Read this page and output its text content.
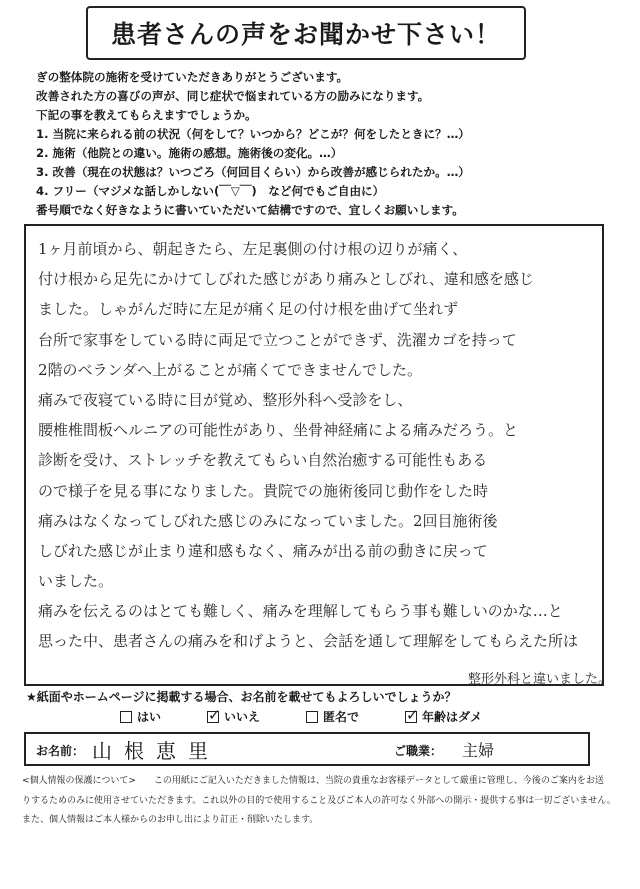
患者さんの声をお聞かせ下さい！
ぎの整体院の施術を受けていただきありがとうございます。
改善された方の喜びの声が、同じ症状で悩まれている方の励みになります。
下記の事を教えてもらえますでしょうか。
1. 当院に来られる前の状況（何をして？いつから？どこが？何をしたときに？…）
2. 施術（他院との違い。施術の感想。施術後の変化。…）
3. 改善（現在の状態は？いつごろ（何回目くらい）から改善が感じられたか。…）
4. フリー（マジメな話しかしない(￣▽￣)　など何でもご自由に）
番号順でなく好きなように書いていただいて結構ですので、宜しくお願いします。
1ヶ月前頃から、朝起きたら、左足裏側の付け根の辺りが痛く、
付け根から足先にかけてしびれた感じがあり痛みとしびれ、違和感を感じ
ました。しゃがんだ時に左足が痛く足の付け根を曲げて坐れず
台所で家事をしている時に両足で立つことができず、洗濯カゴを持って
2階のベランダへ上がることが痛くてできませんでした。
痛みで夜寝ている時に目が覚め、整形外科へ受診をし、
腰椎椎間板ヘルニアの可能性があり、坐骨神経痛による痛みだろう。と
診断を受け、ストレッチを教えてもらい自然治癒する可能性もある
ので様子を見る事になりました。貴院での施術後同じ動作をした時
痛みはなくなってしびれた感じのみになっていました。2回目施術後
しびれた感じが止まり違和感もなく、痛みが出る前の動きに戻って
いました。
痛みを伝えるのはとても難しく、痛みを理解してもらう事も難しいのかな…と
思った中、患者さんの痛みを和げようと、会話を通して理解をしてもらえた所は
整形外科と違いました。
★紙面やホームページに掲載する場合、お名前を載せてもよろしいでしょうか？
はい ✓	いいえ	匿名で ✓	年齢はダメ
お名前： 山根恵里	ご職業： 主婦
<個人情報の保護について>　　この用紙にご記入いただきました情報は、当院の貴重なお客様データとして厳重に管理し、今後のご案内をお送
りするためのみに使用させていただきます。これ以外の目的で使用すること及びご本人の許可なく外部への開示・提供する事は一切ございません。
また、個人情報はご本人様からのお申し出により訂正・削除いたします。
